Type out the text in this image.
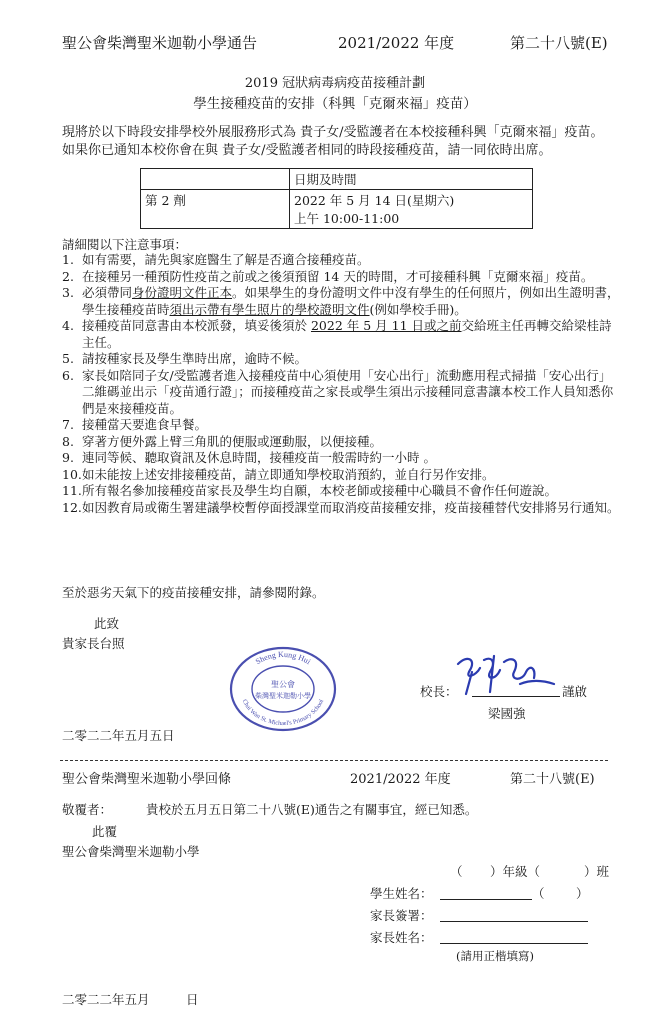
聖公會柴灣聖米迦勒小學通告	2021/2022 年度	第二十八號(E)
2019 冠狀病毒病疫苗接種計劃
學生接種疫苗的安排（科興「克爾來福」疫苗）
現將於以下時段安排學校外展服務形式為 貴子女/受監護者在本校接種科興「克爾來福」疫苗。
如果你已通知本校你會在與 貴子女/受監護者相同的時段接種疫苗，請一同依時出席。
	日期及時間
第 2 劑	2022 年 5 月 14 日(星期六)
上午 10:00-11:00
請細閱以下注意事項：
1. 如有需要，請先與家庭醫生了解是否適合接種疫苗。
2. 在接種另一種預防性疫苗之前或之後須預留 14 天的時間，才可接種科興「克爾來福」疫苗。
3. 必須帶同身份證明文件正本。如果學生的身份證明文件中沒有學生的任何照片，例如出生證明書，學生接種疫苗時須出示帶有學生照片的學校證明文件(例如學校手冊)。
4. 接種疫苗同意書由本校派發，填妥後須於 2022 年 5 月 11 日或之前交給班主任再轉交給梁桂詩主任。
5. 請按種家長及學生準時出席，逾時不候。
6. 家長如陪同子女/受監護者進入接種疫苗中心須使用「安心出行」流動應用程式掃描「安心出行」二維碼並出示「疫苗通行證」；而接種疫苗之家長或學生須出示接種同意書讓本校工作人員知悉你們是來接種疫苗。
7. 接種當天要進食早餐。
8. 穿著方便外露上臂三角肌的便服或運動服，以便接種。
9. 連同等候、聽取資訊及休息時間，接種疫苗一般需時約一小時 。
10. 如未能按上述安排接種疫苗，請立即通知學校取消預約，並自行另作安排。
11. 所有報名參加接種疫苗家長及學生均自願，本校老師或接種中心職員不會作任何遊說。
12. 如因教育局或衛生署建議學校暫停面授課堂而取消疫苗接種安排，疫苗接種替代安排將另行通知。
至於惡劣天氣下的疫苗接種安排，請參閱附錄。
此致
貴家長台照
Sheng Kung Hui
Chai Wan St. Michael's Primary School
聖公會
柴灣聖米迦勒小學	校長：	謹啟
梁國強
二零二二年五月五日
聖公會柴灣聖米迦勒小學回條	2021/2022 年度	第二十八號(E)
敬覆者：	貴校於五月五日第二十八號(E)通告之有關事宜，經已知悉。
此覆
聖公會柴灣聖米迦勒小學
（ ）年級（	）班
學生姓名：	（	）
家長簽署：
家長姓名：
(請用正楷填寫)
二零二二年五月	日
